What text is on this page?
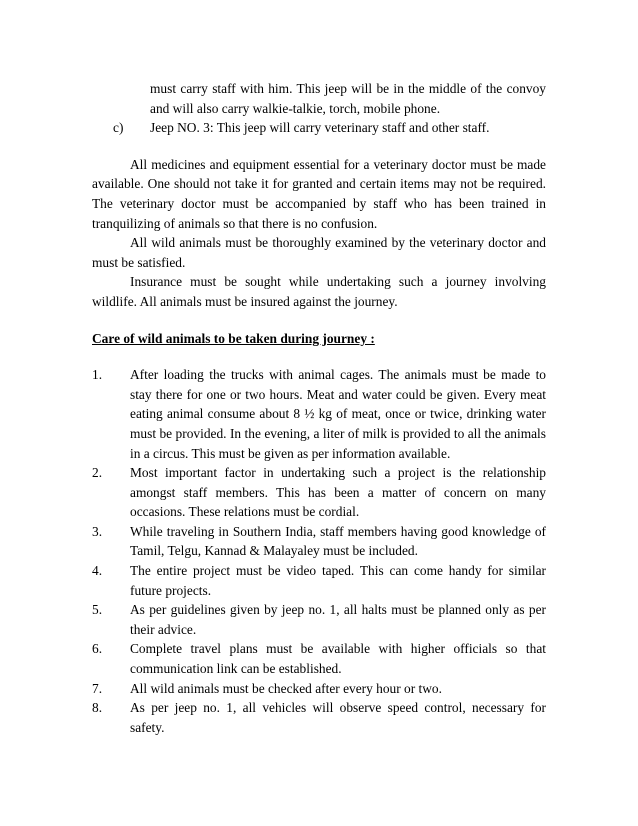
must carry staff with him. This jeep will be in the middle of the convoy and will also carry walkie-talkie, torch, mobile phone.
c)	Jeep NO. 3: This jeep will carry veterinary staff and other staff.
All medicines and equipment essential for a veterinary doctor must be made available. One should not take it for granted and certain items may not be required. The veterinary doctor must be accompanied by staff who has been trained in tranquilizing of animals so that there is no confusion.
All wild animals must be thoroughly examined by the veterinary doctor and must be satisfied.
Insurance must be sought while undertaking such a journey involving wildlife. All animals must be insured against the journey.
Care of wild animals to be taken during journey :
1.	After loading the trucks with animal cages. The animals must be made to stay there for one or two hours. Meat and water could be given. Every meat eating animal consume about 8 ½ kg of meat, once or twice, drinking water must be provided. In the evening, a liter of milk is provided to all the animals in a circus. This must be given as per information available.
2.	Most important factor in undertaking such a project is the relationship amongst staff members. This has been a matter of concern on many occasions. These relations must be cordial.
3.	While traveling in Southern India, staff members having good knowledge of Tamil, Telgu, Kannad & Malayaley must be included.
4.	The entire project must be video taped. This can come handy for similar future projects.
5.	As per guidelines given by jeep no. 1, all halts must be planned only as per their advice.
6.	Complete travel plans must be available with higher officials so that communication link can be established.
7.	All wild animals must be checked after every hour or two.
8.	As per jeep no. 1, all vehicles will observe speed control, necessary for safety.
